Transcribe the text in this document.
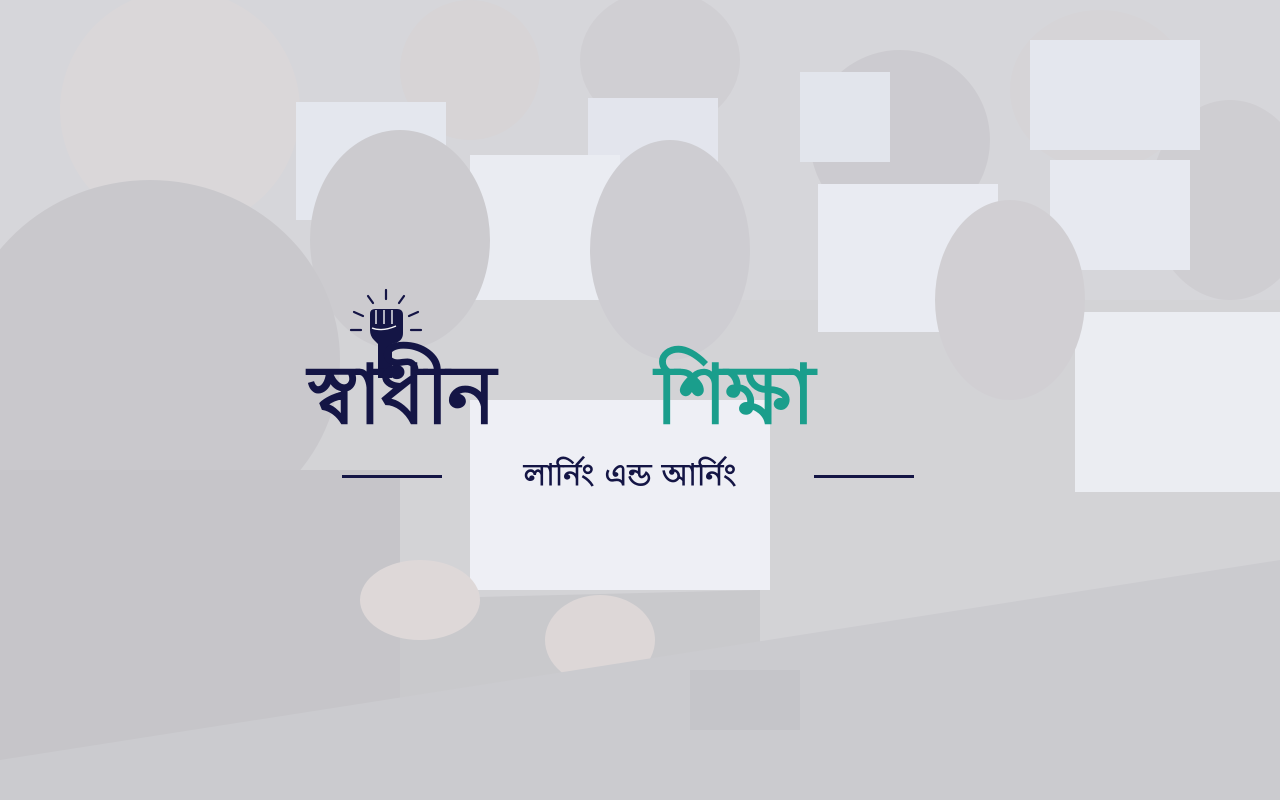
স্বাধীন শিক্ষা
লার্নিং এন্ড আর্নিং
